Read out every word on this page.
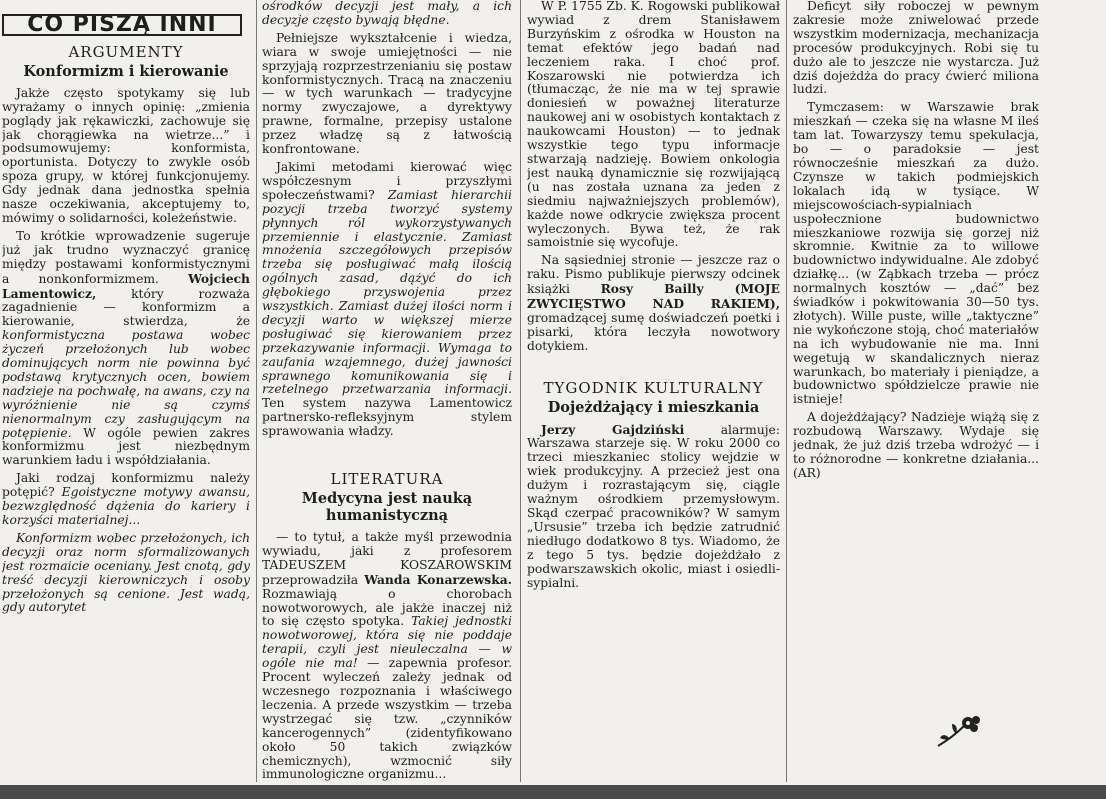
CO PISZĄ INNI
ARGUMENTY
Konformizm i kierowanie

Jakże często spotykamy się lub wyrażamy o innych opinię: „zmienia poglądy jak rękawiczki, zachowuje się jak chorągiewka na wietrze...” i podsumowujemy: konformista, oportunista. Dotyczy to zwykle osób spoza grupy, w której funkcjonujemy. Gdy jednak dana jednostka spełnia nasze oczekiwania, akceptujemy to, mówimy o solidarności, koleżeństwie.

To krótkie wprowadzenie sugeruje już jak trudno wyznaczyć granicę między postawami konformistycznymi a nonkonformizmem. Wojciech Lamentowicz,	który rozważa zagadnienie — konformizm a kierowanie, stwierdza, że konformistyczna postawa wobec życzeń przełożonych lub wobec dominujących norm nie powinna być podstawą krytycznych ocen, bowiem nadzieje na pochwałę, na awans, czy na wyróżnienie nie są czymś nienormalnym czy zasługującym na potępienie. W ogóle pewien zakres konformizmu jest niezbędnym warunkiem ładu i współdziałania.

Jaki rodzaj konformizmu należy potępić? Egoistyczne motywy awansu, bezwzględność dążenia do kariery i korzyści materialnej...

Konformizm wobec przełożonych, ich decyzji oraz norm sformalizowanych jest rozmaicie oceniany. Jest cnotą, gdy treść decyzji kierowniczych i osoby przełożonych są cenione. Jest wadą, gdy autorytet

ośrodków decyzji jest mały, a ich decyzje często bywają błędne.

Pełniejsze wykształcenie i wiedza, wiara w swoje umiejętności — nie sprzyjają rozprzestrzenianiu się postaw konformistycznych. Tracą na znaczeniu — w tych warunkach — tradycyjne normy zwyczajowe, a dyrektywy prawne, formalne, przepisy ustalone przez władzę są z łatwością konfrontowane.

Jakimi metodami kierować więc współczesnym i przyszłymi społeczeństwami? Zamiast hierarchii pozycji trzeba tworzyć systemy płynnych ról wykorzystywanych przemiennie i elastycznie. Zamiast mnożenia szczegółowych przepisów trzeba się posługiwać małą ilością ogólnych zasad, dążyć do ich głębokiego przyswojenia przez wszystkich. Zamiast dużej ilości norm i decyzji warto w większej mierze posługiwać się kierowaniem przez przekazywanie informacji. Wymaga to zaufania wzajemnego, dużej jawności sprawnego komunikowania się i rzetelnego przetwarzania informacji. Ten system nazywa Lamentowicz partnersko-refleksyjnym stylem sprawowania władzy.

LITERATURA
Medycyna jest nauką humanistyczną

— to tytuł, a także myśl przewodnia wywiadu, jaki z profesorem TADEUSZEM KOSZAROWSKIM przeprowadziła Wanda Konarzewska. Rozmawiają o chorobach nowotworowych, ale jakże inaczej niż to się często spotyka. Takiej jednostki nowotworowej, która się nie poddaje terapii, czyli jest nieuleczalna — w ogóle nie ma! — zapewnia profesor. Procent wyleczeń zależy jednak od wczesnego rozpoznania i właściwego leczenia. A przede wszystkim — trzeba wystrzegać się tzw. „czynników kancerogennych” (zidentyfikowano około 50 takich związków chemicznych), wzmocnić siły immunologiczne organizmu...

W P. 1755 Zb. K. Rogowski publikował wywiad z drem Stanisławem Burzyńskim z ośrodka w Houston na temat efektów jego badań nad leczeniem raka. I choć prof. Koszarowski nie potwierdza ich (tłumacząc, że nie ma w tej sprawie doniesień w poważnej literaturze naukowej ani w osobistych kontaktach z naukowcami Houston) — to jednak wszystkie tego typu informacje stwarzają nadzieję. Bowiem onkologia jest nauką dynamicznie się rozwijającą (u nas została uznana za jeden z siedmiu najważniejszych problemów), każde nowe odkrycie zwiększa procent wyleczonych. Bywa też, że rak samoistnie się wycofuje.

Na sąsiedniej stronie — jeszcze raz o raku. Pismo publikuje pierwszy odcinek książki Rosy Bailly (MOJE ZWYCIĘSTWO NAD RAKIEM), gromadzącej sumę doświadczeń poetki i pisarki, która leczyła nowotwory dotykiem.

TYGODNIK KULTURALNY
Dojeżdżający i mieszkania

Jerzy Gajdziński	alarmuje: Warszawa starzeje się. W roku 2000 co trzeci mieszkaniec stolicy wejdzie w wiek produkcyjny. A przecież jest ona dużym i rozrastającym się, ciągle ważnym ośrodkiem przemysłowym. Skąd czerpać pracowników? W samym „Ursusie” trzeba ich będzie zatrudnić niedługo dodatkowo 8 tys. Wiadomo, że z tego 5 tys. będzie dojeżdżało z podwarszawskich okolic, miast i osiedli-sypialni.

Deficyt siły roboczej w pewnym zakresie może zniwelować przede wszystkim modernizacja, mechanizacja procesów produkcyjnych. Robi się tu dużo ale to jeszcze nie wystarcza. Już dziś dojeżdża do pracy ćwierć miliona ludzi.

Tymczasem: w Warszawie brak mieszkań — czeka się na własne M ileś tam lat. Towarzyszy temu spekulacja, bo — o paradoksie — jest równocześnie mieszkań za dużo. Czynsze w takich podmiejskich lokalach idą w tysiące. W miejscowościach-sypialniach uspołecznione budownictwo mieszkaniowe rozwija się gorzej niż skromnie. Kwitnie za to willowe budownictwo indywidualne. Ale zdobyć działkę... (w Ząbkach trzeba — prócz normalnych kosztów — „dać” bez świadków i pokwitowania 30—50 tys. złotych). Wille puste, wille „taktyczne” nie wykończone stoją, choć materiałów na ich wybudowanie nie ma. Inni wegetują w skandalicznych nieraz warunkach, bo materiały i pieniądze, a budownictwo spółdzielcze prawie nie istnieje!

A dojeżdżający? Nadzieje wiążą się z rozbudową Warszawy. Wydaje się jednak, że już dziś trzeba wdrożyć — i to różnorodne — konkretne działania... (AR)
